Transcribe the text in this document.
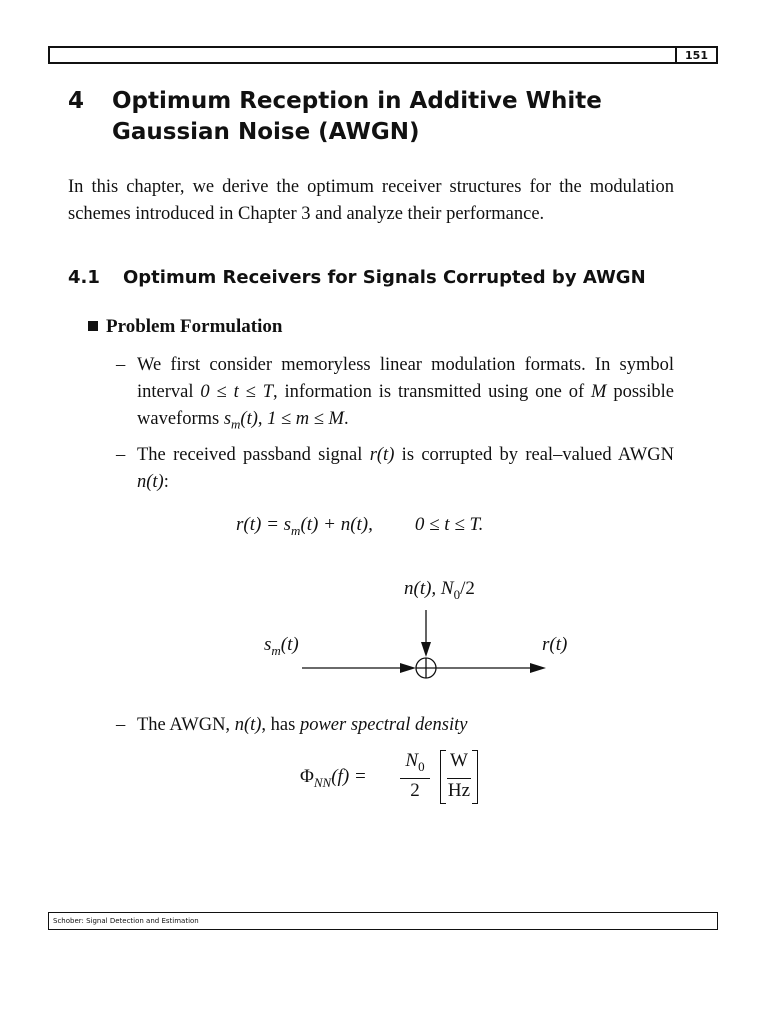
151
4 Optimum Reception in Additive White Gaussian Noise (AWGN)
In this chapter, we derive the optimum receiver structures for the modulation schemes introduced in Chapter 3 and analyze their performance.
4.1 Optimum Receivers for Signals Corrupted by AWGN
Problem Formulation
– We first consider memoryless linear modulation formats. In symbol interval 0 ≤ t ≤ T, information is transmitted using one of M possible waveforms $s_m(t)$, 1 ≤ m ≤ M.
– The received passband signal r(t) is corrupted by real–valued AWGN n(t):
$r(t) = s_m(t) + n(t)$, 0 ≤ t ≤ T.
n(t), $N_0/2$
$s_m(t)$	r(t)
– The AWGN, n(t), has power spectral density
$\Phi_{NN}(f)$ =
$N_0$
2
W
Hz
Schober: Signal Detection and Estimation
